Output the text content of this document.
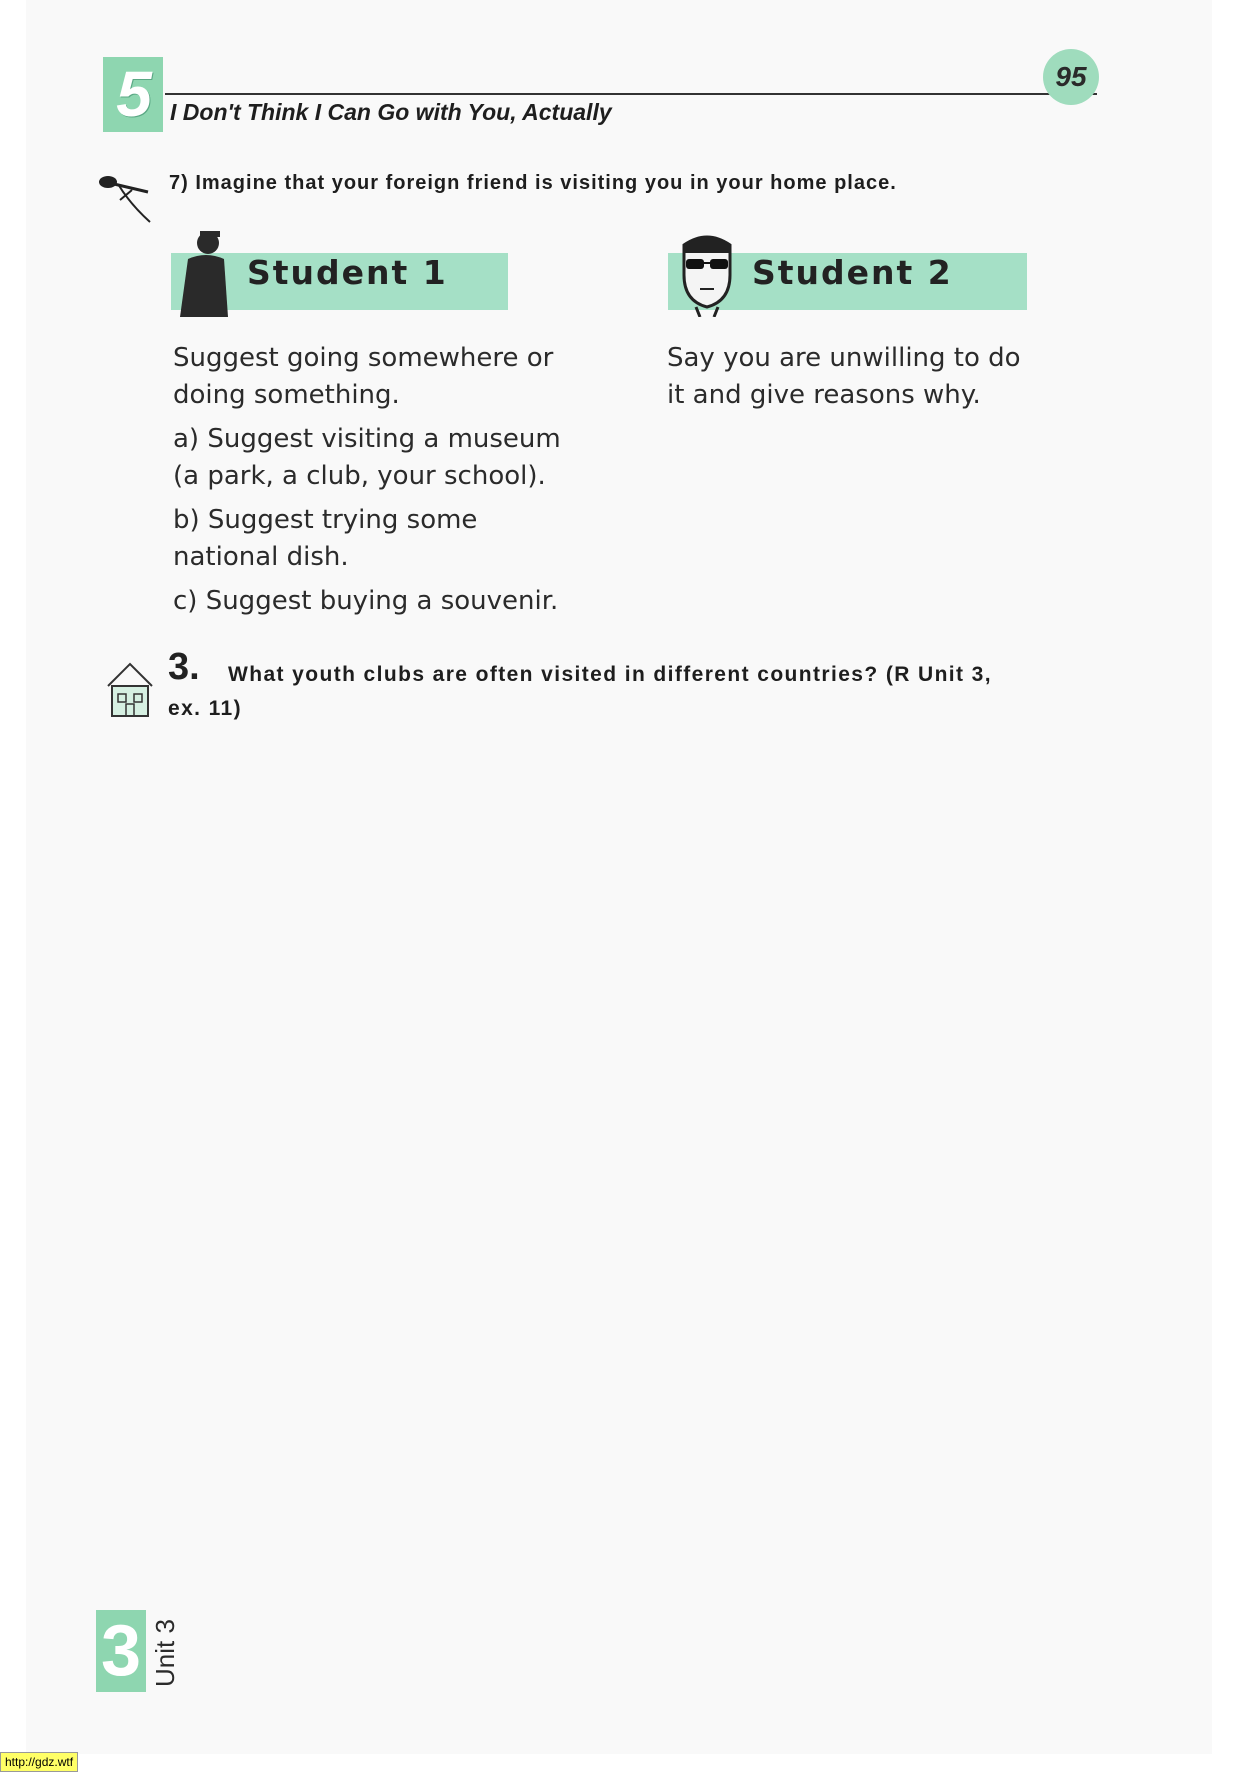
5	95
I Don't Think I Can Go with You, Actually

7) Imagine that your foreign friend is visiting you in your home place.

Student 1	Student 2

Suggest going somewhere or

doing something.

a) Suggest visiting a museum

(a park, a club, your school).

b) Suggest trying some

national dish.

c) Suggest buying a souvenir.

Say you are unwilling to do

it and give reasons why.

3. What youth clubs are often visited in different countries? (R Unit 3,

ex. 11)

3 Unit 3
http://gdz.wtf
